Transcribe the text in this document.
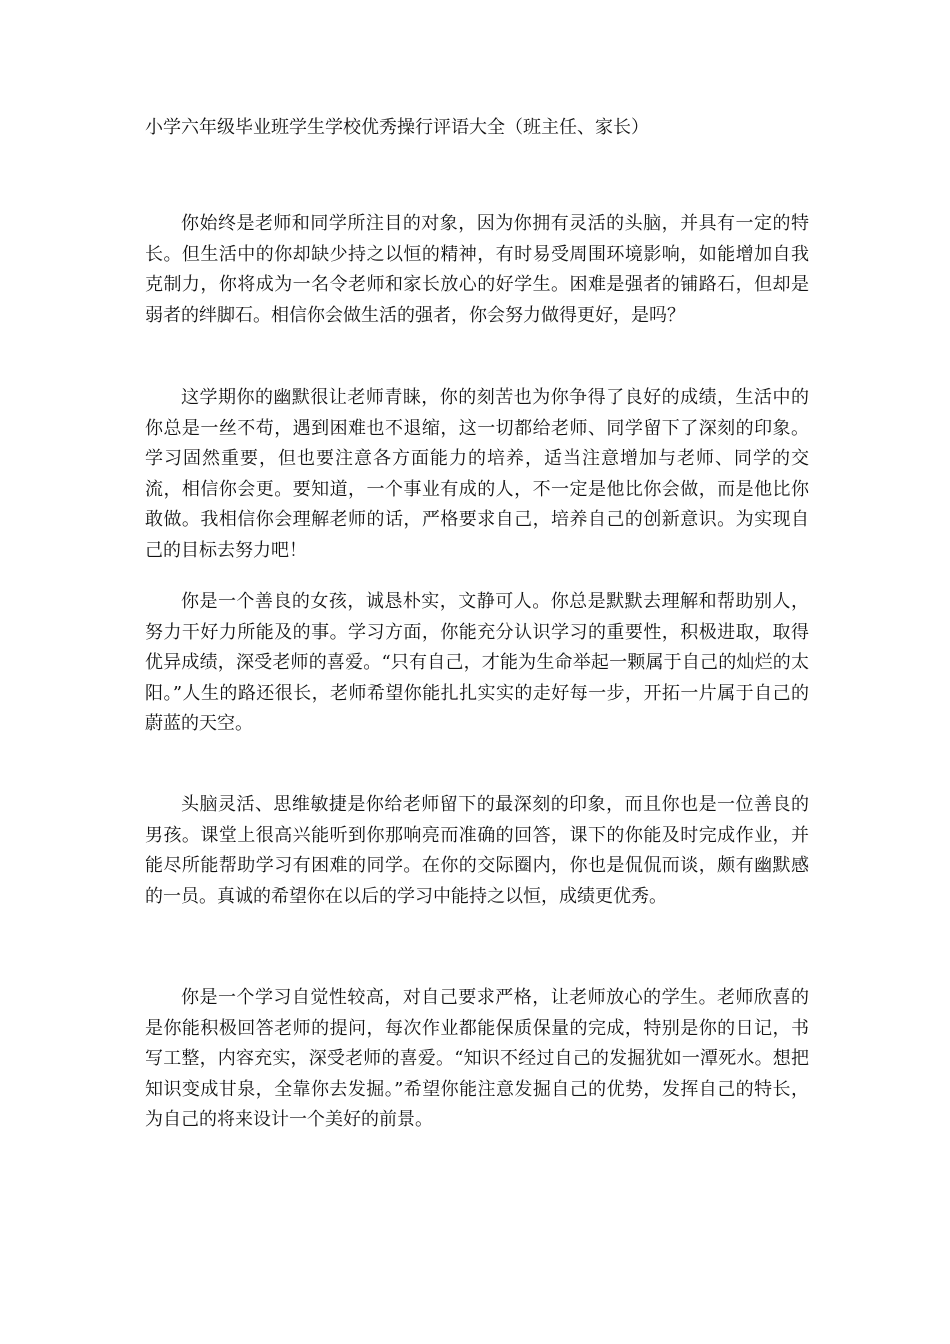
小学六年级毕业班学生学校优秀操行评语大全（班主任、家长）

你始终是老师和同学所注目的对象，因为你拥有灵活的头脑，并具有一定的特长。但生活中的你却缺少持之以恒的精神，有时易受周围环境影响，如能增加自我克制力，你将成为一名令老师和家长放心的好学生。困难是强者的铺路石，但却是弱者的绊脚石。相信你会做生活的强者，你会努力做得更好，是吗？

这学期你的幽默很让老师青睐，你的刻苦也为你争得了良好的成绩，生活中的你总是一丝不苟，遇到困难也不退缩，这一切都给老师、同学留下了深刻的印象。学习固然重要，但也要注意各方面能力的培养，适当注意增加与老师、同学的交流，相信你会更。要知道，一个事业有成的人，不一定是他比你会做，而是他比你敢做。我相信你会理解老师的话，严格要求自己，培养自己的创新意识。为实现自己的目标去努力吧！

你是一个善良的女孩，诚恳朴实，文静可人。你总是默默去理解和帮助别人，努力干好力所能及的事。学习方面，你能充分认识学习的重要性，积极进取，取得优异成绩，深受老师的喜爱。“只有自己，才能为生命举起一颗属于自己的灿烂的太阳。”人生的路还很长，老师希望你能扎扎实实的走好每一步，开拓一片属于自己的蔚蓝的天空。

头脑灵活、思维敏捷是你给老师留下的最深刻的印象，而且你也是一位善良的男孩。课堂上很高兴能听到你那响亮而准确的回答，课下的你能及时完成作业，并能尽所能帮助学习有困难的同学。在你的交际圈内，你也是侃侃而谈，颇有幽默感的一员。真诚的希望你在以后的学习中能持之以恒，成绩更优秀。

你是一个学习自觉性较高，对自己要求严格，让老师放心的学生。老师欣喜的是你能积极回答老师的提问，每次作业都能保质保量的完成，特别是你的日记，书写工整，内容充实，深受老师的喜爱。“知识不经过自己的发掘犹如一潭死水。想把知识变成甘泉，全靠你去发掘。”希望你能注意发掘自己的优势，发挥自己的特长，为自己的将来设计一个美好的前景。
